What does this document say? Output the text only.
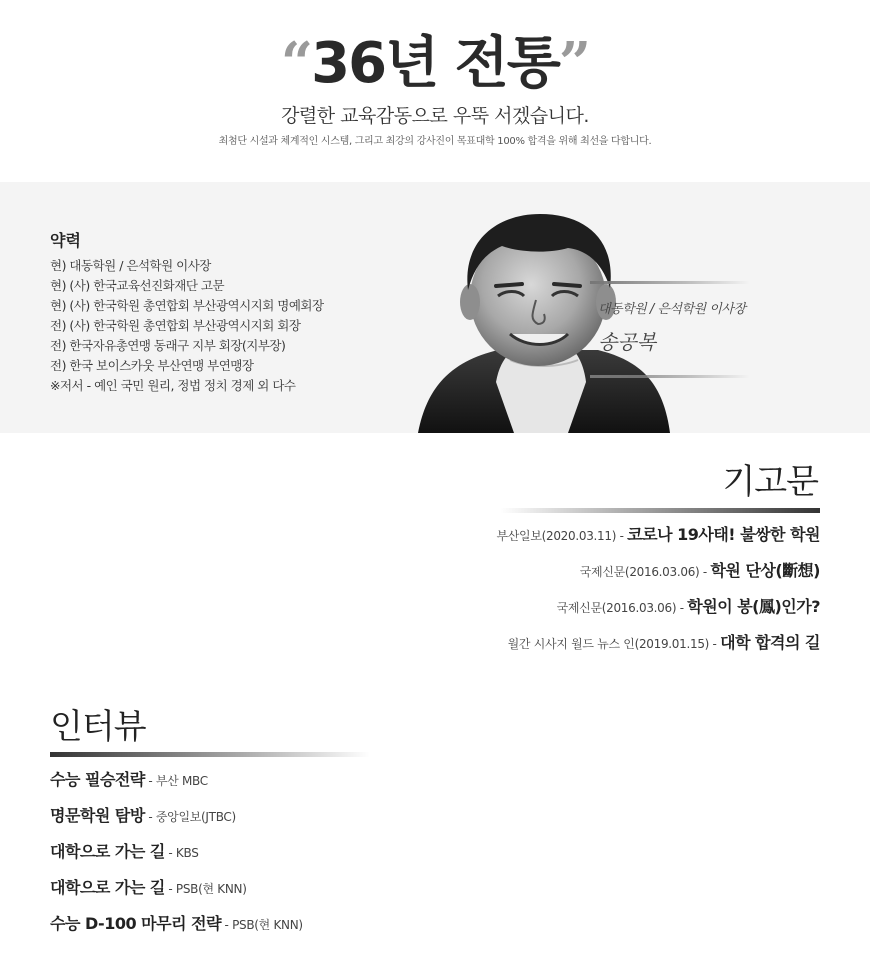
“36년 전통”
강렬한 교육감동으로 우뚝 서겠습니다.
최첨단 시설과 체계적인 시스템, 그리고 최강의 강사진이 목표대학 100% 합격을 위해 최선을 다합니다.
약력
현) 대동학원 / 은석학원 이사장
현) (사) 한국교육선진화재단 고문
현) (사) 한국학원 총연합회 부산광역시지회 명예회장
전) (사) 한국학원 총연합회 부산광역시지회 회장
전) 한국자유총연맹 동래구 지부 회장(지부장)
전) 한국 보이스카웃 부산연맹 부연맹장
※저서 - 예인 국민 원리, 정법 정치 경제 외 다수
대동학원 / 은석학원 이사장
송공복
기고문
부산일보(2020.03.11) - 코로나 19사태! 불쌍한 학원
국제신문(2016.03.06) - 학원 단상(斷想)
국제신문(2016.03.06) - 학원이 봉(鳳)인가?
월간 시사지 월드 뉴스 인(2019.01.15) - 대학 합격의 길
인터뷰
수능 필승전략 - 부산 MBC
명문학원 탐방 - 중앙일보(JTBC)
대학으로 가는 길 - KBS
대학으로 가는 길 - PSB(현 KNN)
수능 D-100 마무리 전략 - PSB(현 KNN)
